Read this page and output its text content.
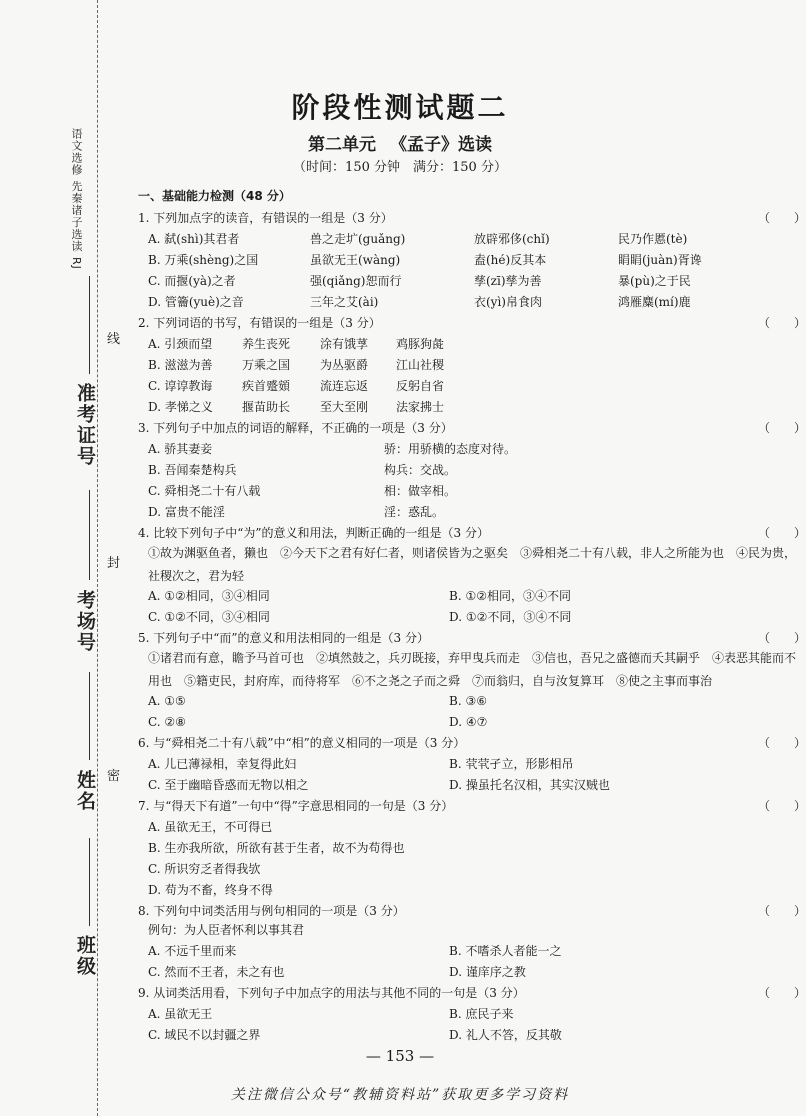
语文选修 先秦诸子选读 RJ
准考证号
考场号
姓名
班级
线
封
密
阶段性测试题二
第二单元 《孟子》选读
（时间：150 分钟　满分：150 分）
一、基础能力检测（48 分）
1. 下列加点字的读音，有错误的一组是（3 分）	（　　）
A. 弑(shì)其君者	兽之走圹(guǎng)	放辟邪侈(chǐ)	民乃作慝(tè)
B. 万乘(shèng)之国	虽欲无王(wàng)	盍(hé)反其本	睊睊(juàn)胥谗
C. 而揠(yà)之者	强(qiǎng)恕而行	孳(zī)孳为善	暴(pù)之于民
D. 管籥(yuè)之音	三年之艾(ài)	衣(yì)帛食肉	鸿雁麋(mí)鹿
2. 下列词语的书写，有错误的一组是（3 分）	（　　）
A. 引颈而望 养生丧死 涂有饿莩 鸡豚狗彘
B. 滋滋为善 万乘之国 为丛驱爵 江山社稷
C. 谆谆教诲 疾首蹙頞 流连忘返 反躬自省
D. 孝悌之义 揠苗助长 至大至刚 法家拂士
3. 下列句子中加点的词语的解释，不正确的一项是（3 分）	（　　）
A. 骄其妻妾	骄：用骄横的态度对待。
B. 吾闻秦楚构兵	构兵：交战。
C. 舜相尧二十有八载	相：做宰相。
D. 富贵不能淫	淫：惑乱。
4. 比较下列句子中“为”的意义和用法，判断正确的一组是（3 分）	（　　）
①故为渊驱鱼者，獭也　②今天下之君有好仁者，则诸侯皆为之驱矣　③舜相尧二十有八载，非人之所能为也　④民为贵，社稷次之，君为轻
A. ①②相同，③④相同	B. ①②相同，③④不同
C. ①②不同，③④相同	D. ①②不同，③④不同
5. 下列句子中“而”的意义和用法相同的一组是（3 分）	（　　）
①诸君而有意，瞻予马首可也　②填然鼓之，兵刃既接，弃甲曳兵而走　③信也，吾兄之盛德而夭其嗣乎　④表恶其能而不用也　⑤籍吏民，封府库，而待将军　⑥不之尧之子而之舜　⑦而翁归，自与汝复算耳　⑧使之主事而事治
A. ①⑤	B. ③⑥
C. ②⑧	D. ④⑦
6. 与“舜相尧二十有八载”中“相”的意义相同的一项是（3 分）	（　　）
A. 儿已薄禄相，幸复得此妇	B. 茕茕孑立，形影相吊
C. 至于幽暗昏惑而无物以相之	D. 操虽托名汉相，其实汉贼也
7. 与“得天下有道”一句中“得”字意思相同的一句是（3 分）	（　　）
A. 虽欲无王，不可得已
B. 生亦我所欲，所欲有甚于生者，故不为苟得也
C. 所识穷乏者得我欤
D. 苟为不畜，终身不得
8. 下列句中词类活用与例句相同的一项是（3 分）	（　　）
例句：为人臣者怀利以事其君
A. 不远千里而来	B. 不嗜杀人者能一之
C. 然而不王者，未之有也	D. 谨庠序之教
9. 从词类活用看，下列句子中加点字的用法与其他不同的一句是（3 分）	（　　）
A. 虽欲无王	B. 庶民子来
C. 域民不以封疆之界	D. 礼人不答，反其敬
— 153 —
关注微信公众号“教辅资料站”获取更多学习资料
